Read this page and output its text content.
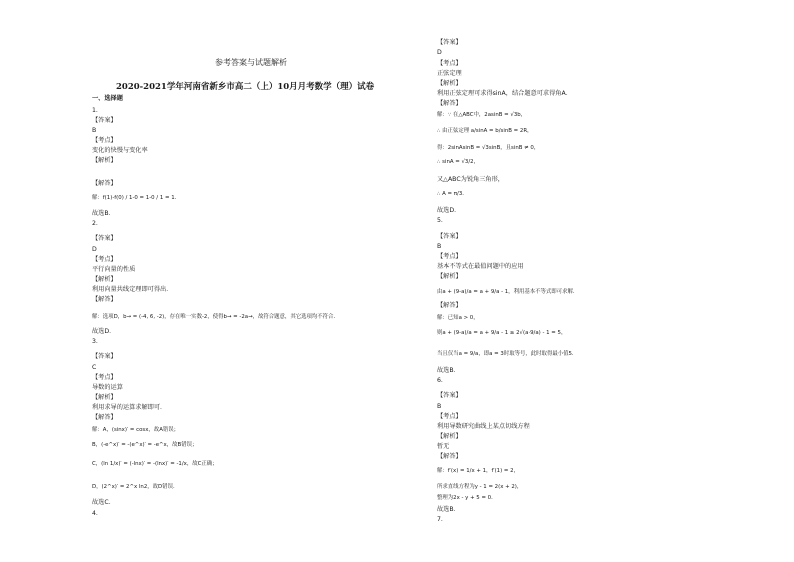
参考答案与试题解析
2020-2021学年河南省新乡市高二（上）10月月考数学（理）试卷
一、选择题
1.
【答案】
B
【考点】
变化的快慢与变化率
【解析】
【解答】
解：f(1)-f(0) / 1-0 = 1-0 / 1 = 1．
故选B．
2.
【答案】
D
【考点】
平行向量的性质
【解析】
利用向量共线定理即可得出．
【解答】
解：选项D，b→ = (-4, 6, -2)，存在唯一实数-2，使得b→ = -2a→，故符合题意，其它选项均不符合．
故选D．
3.
【答案】
C
【考点】
导数的运算
【解析】
利用求导的运算求解即可．
【解答】
解：A，(sinx)′ = cosx，故A错误；
B，(-e^x)′ = -(e^x)′ = -e^x，故B错误；
C，(ln 1/x)′ = (-lnx)′ = -(lnx)′ = -1/x，故C正确；
D，(2^x)′ = 2^x ln2，故D错误．
故选C．
4.
【答案】
D
【考点】
正弦定理
【解析】
利用正弦定理可求得sinA，结合题意可求得角A．
【解答】
解：∵ 在△ABC中，2asinB = √3b，
∴ 由正弦定理 a/sinA = b/sinB = 2R，
得：2sinAsinB = √3sinB，且sinB ≠ 0，
∴ sinA = √3/2，
又△ABC为锐角三角形，
∴ A = π/3．
故选D．
5.
【答案】
B
【考点】
基本不等式在最值问题中的应用
【解析】
由a + (9-a)/a = a + 9/a - 1，利用基本不等式即可求解．
【解答】
解：已知a > 0，
则a + (9-a)/a = a + 9/a - 1 ≥ 2√(a·9/a) - 1 = 5，
当且仅当a = 9/a，即a = 3时取等号，此时取得最小值5．
故选B．
6.
【答案】
B
【考点】
利用导数研究曲线上某点切线方程
【解析】
暂无
【解答】
解：f′(x) = 1/x + 1，f′(1) = 2，
所求直线方程为y - 1 = 2(x + 2)，
整理为2x - y + 5 = 0．
故选B．
7.
